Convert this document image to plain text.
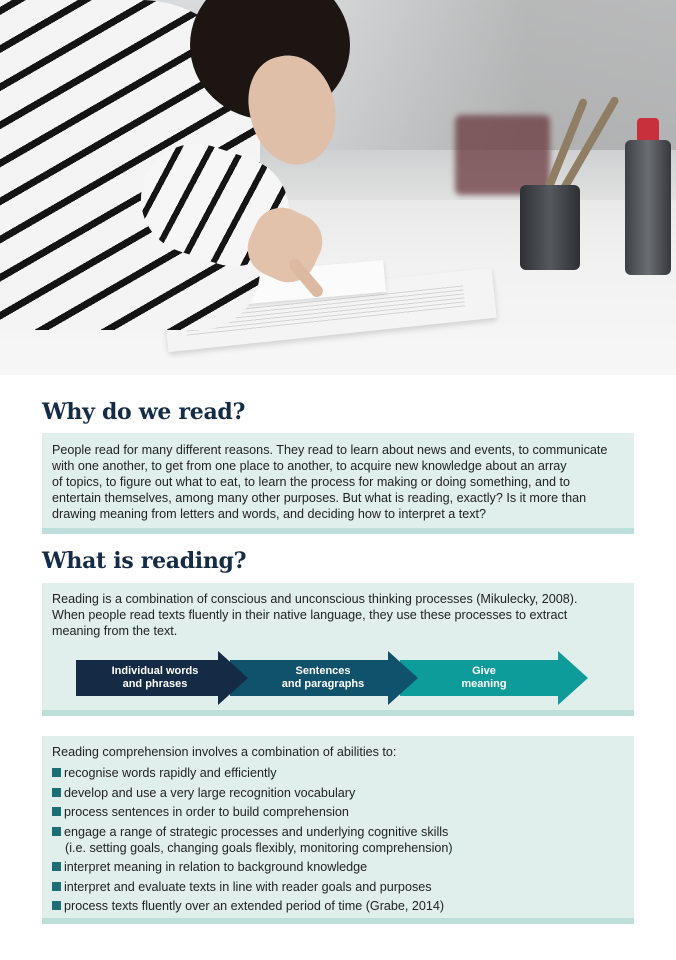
Why do we read?

People read for many different reasons. They read to learn about news and events, to communicate
with one another, to get from one place to another, to acquire new knowledge about an array
of topics, to figure out what to eat, to learn the process for making or doing something, and to
entertain themselves, among many other purposes. But what is reading, exactly? Is it more than
drawing meaning from letters and words, and deciding how to interpret a text?

What is reading?

Reading is a combination of conscious and unconscious thinking processes (Mikulecky, 2008).
When people read texts fluently in their native language, they use these processes to extract
meaning from the text.

Individual words
and phrases
Sentences
and paragraphs
Give
meaning

Reading comprehension involves a combination of abilities to:

recognise words rapidly and efficiently
develop and use a very large recognition vocabulary
process sentences in order to build comprehension
engage a range of strategic processes and underlying cognitive skills
(i.e. setting goals, changing goals flexibly, monitoring comprehension)
interpret meaning in relation to background knowledge
interpret and evaluate texts in line with reader goals and purposes
process texts fluently over an extended period of time (Grabe, 2014)
